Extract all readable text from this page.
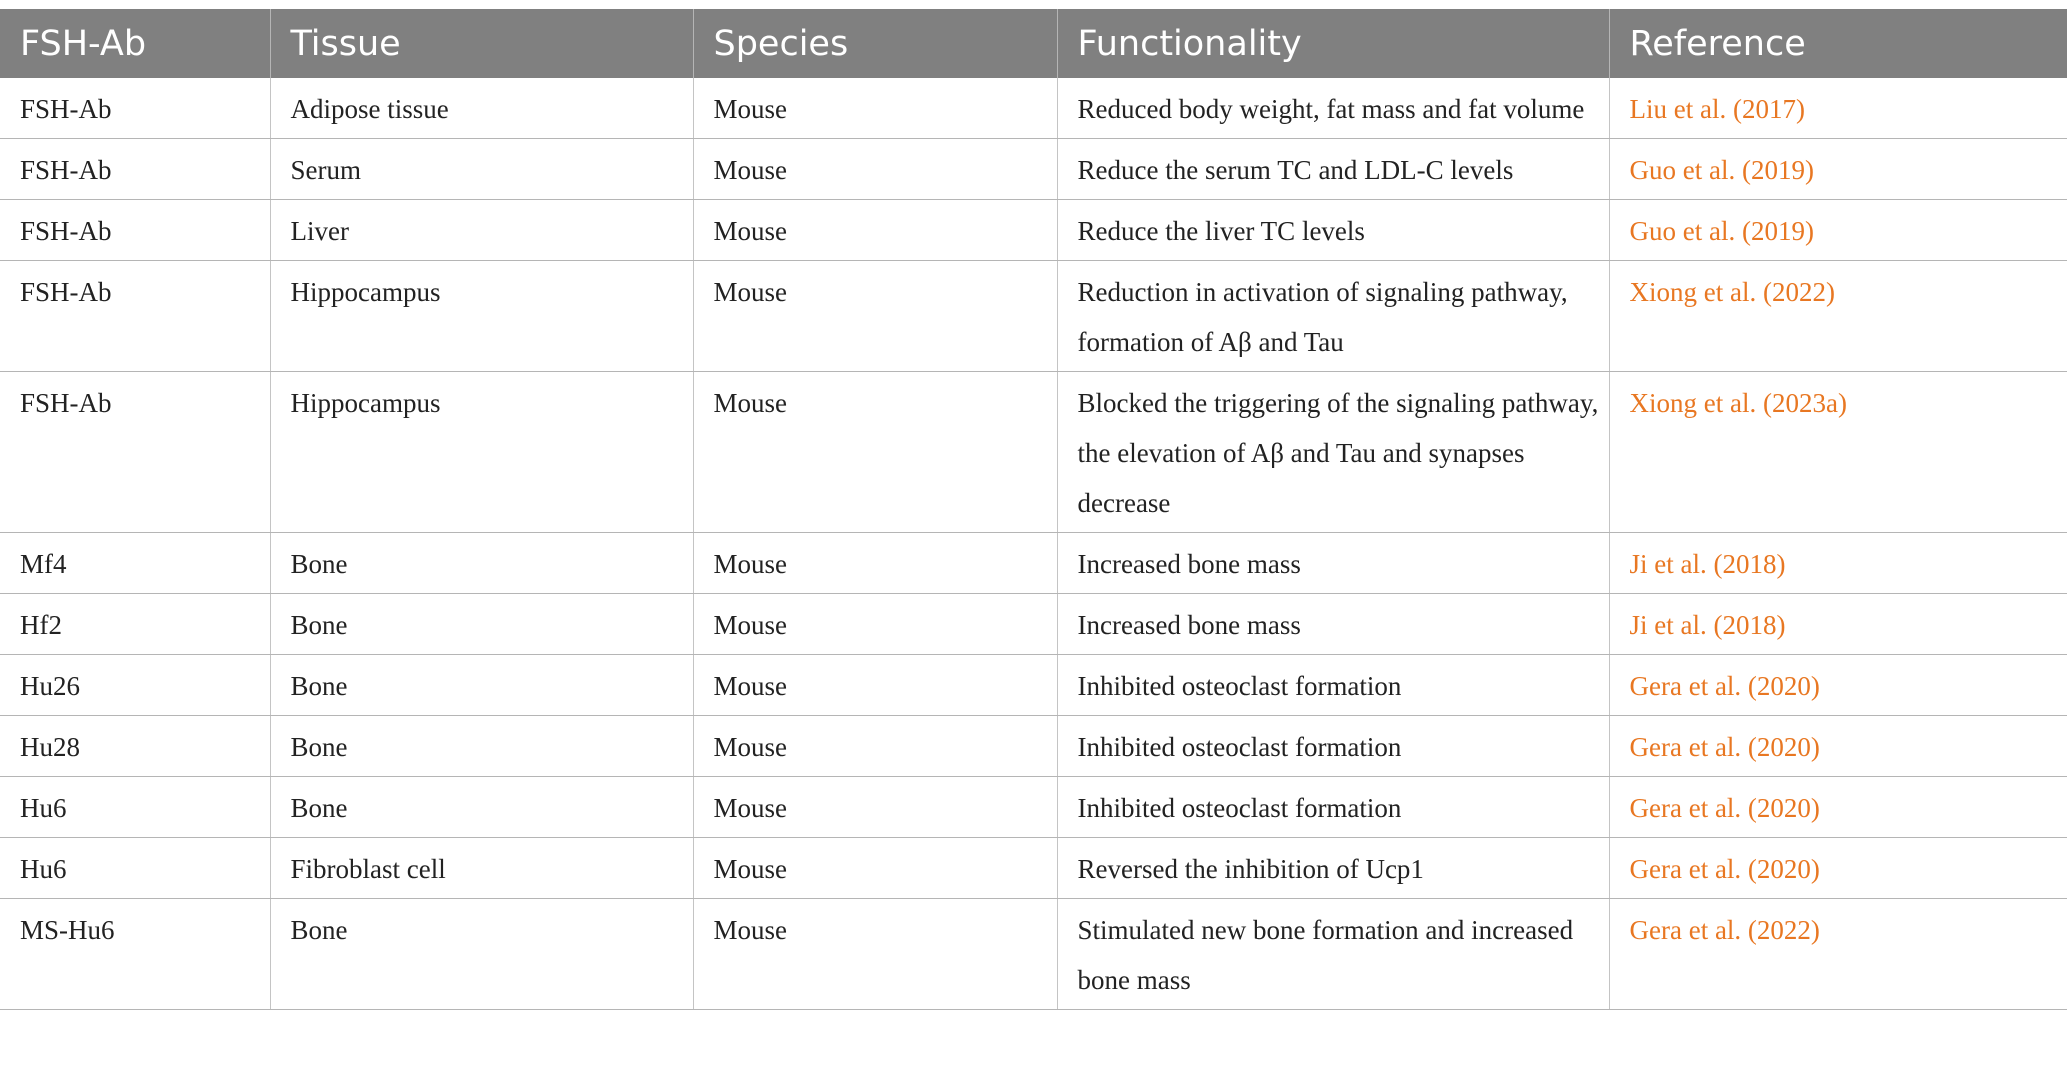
FSH-Ab	Tissue	Species	Functionality	Reference
FSH-Ab	Adipose tissue	Mouse	Reduced body weight, fat mass and fat volume	Liu et al. (2017)
FSH-Ab	Serum	Mouse	Reduce the serum TC and LDL-C levels	Guo et al. (2019)
FSH-Ab	Liver	Mouse	Reduce the liver TC levels	Guo et al. (2019)
FSH-Ab	Hippocampus	Mouse	Reduction in activation of signaling pathway, formation of Aβ and Tau	Xiong et al. (2022)
FSH-Ab	Hippocampus	Mouse	Blocked the triggering of the signaling pathway, the elevation of Aβ and Tau and synapses decrease	Xiong et al. (2023a)
Mf4	Bone	Mouse	Increased bone mass	Ji et al. (2018)
Hf2	Bone	Mouse	Increased bone mass	Ji et al. (2018)
Hu26	Bone	Mouse	Inhibited osteoclast formation	Gera et al. (2020)
Hu28	Bone	Mouse	Inhibited osteoclast formation	Gera et al. (2020)
Hu6	Bone	Mouse	Inhibited osteoclast formation	Gera et al. (2020)
Hu6	Fibroblast cell	Mouse	Reversed the inhibition of Ucp1	Gera et al. (2020)
MS-Hu6	Bone	Mouse	Stimulated new bone formation and increased bone mass	Gera et al. (2022)
